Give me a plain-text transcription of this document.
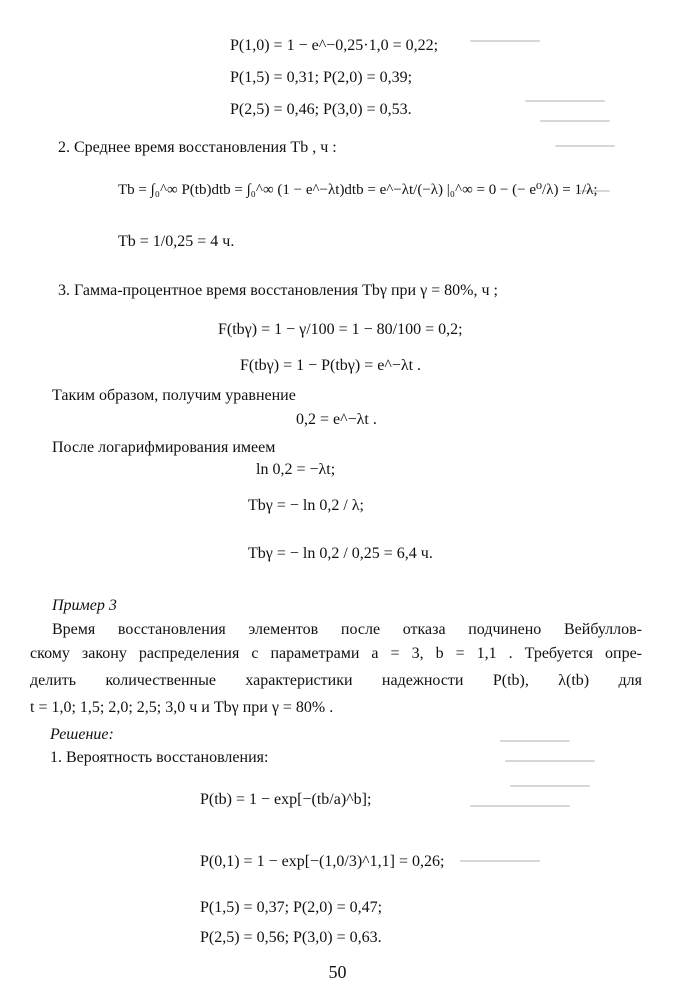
P(1,0) = 1 − e^−0,25·1,0 = 0,22;
P(1,5) = 0,31; P(2,0) = 0,39;
P(2,5) = 0,46; P(3,0) = 0,53.
2. Среднее время восстановления Tb , ч :
Tb = ∫₀^∞ P(tb)dtb = ∫₀^∞ (1 − e^−λt)dtb = e^−λt/(−λ) |₀^∞ = 0 − (− e⁰/λ) = 1/λ;
Tb = 1/0,25 = 4 ч.
3. Гамма-процентное время восстановления Tbγ при γ = 80%, ч ;
F(tbγ) = 1 − γ/100 = 1 − 80/100 = 0,2;
F(tbγ) = 1 − P(tbγ) = e^−λt .
Таким образом, получим уравнение
0,2 = e^−λt .
После логарифмирования имеем
ln 0,2 = −λt;
Tbγ = − ln 0,2 / λ;
Tbγ = − ln 0,2 / 0,25 = 6,4 ч.
Пример 3
Время восстановления элементов после отказа подчинено Вейбуллов-
скому закону распределения с параметрами a = 3, b = 1,1 . Требуется опре-
делить количественные характеристики надежности P(tb), λ(tb) для
t = 1,0; 1,5; 2,0; 2,5; 3,0 ч и Tbγ при γ = 80% .
Решение:
1. Вероятность восстановления:
P(tb) = 1 − exp[−(tb/a)^b];
P(0,1) = 1 − exp[−(1,0/3)^1,1] = 0,26;
P(1,5) = 0,37; P(2,0) = 0,47;
P(2,5) = 0,56; P(3,0) = 0,63.
50
